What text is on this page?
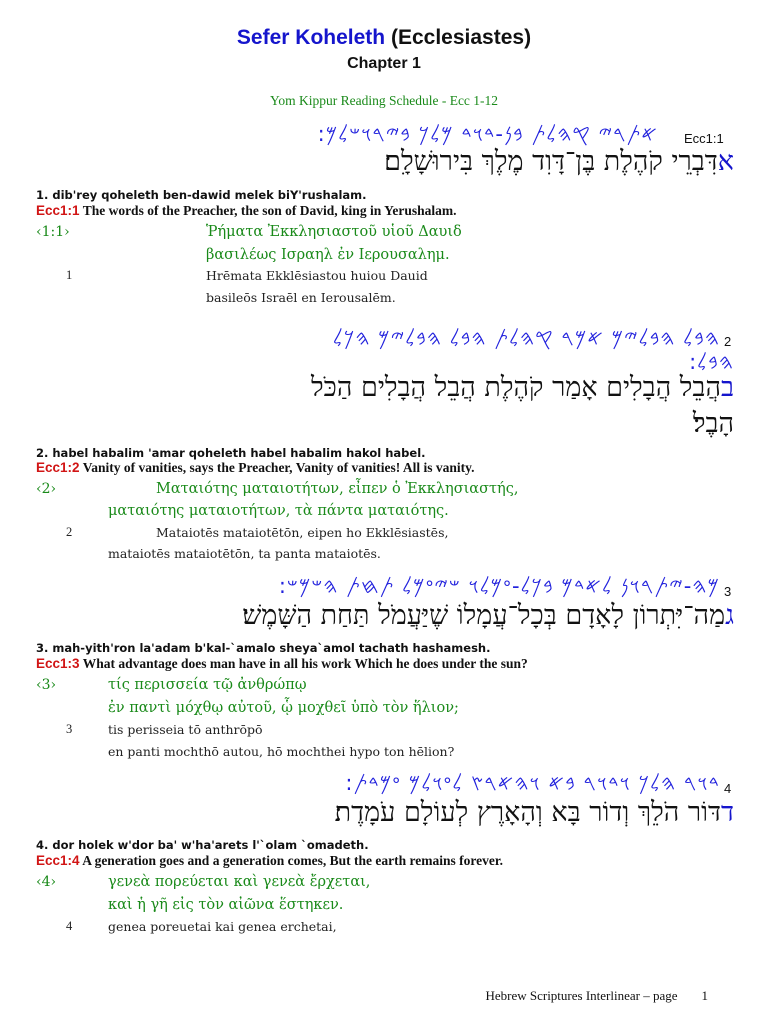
Sefer Koheleth (Ecclesiastes)
Chapter 1
Yom Kippur Reading Schedule - Ecc 1-12
𐤀𐤕𐤓𐤉 𐤒𐤄𐤋𐤕 𐤁𐤍-𐤃𐤅𐤃 𐤌𐤋𐤊 𐤁𐤉𐤓𐤅𐤔𐤋𐤌: Ecc1:1
אדִּבְרֵי קֹהֶלֶת בֶּן־דָּוִד מֶלֶךְ בִּירוּשָׁלִָם׃
1. dib'rey qoheleth ben-dawid melek biY'rushalam.
Ecc1:1 The words of the Preacher, the son of David, king in Yerushalam.
‹1:1›	Ῥήματα Ἐκκλησιαστοῦ υἱοῦ Δαυιδ
βασιλέως Ισραηλ ἐν Ιερουσαλημ.
1	Hrēmata Ekklēsiastou huiou Dauid
basileōs Israēl en Ierousalēm.
𐤄𐤁𐤋 𐤄𐤁𐤋𐤉𐤌 𐤀𐤌𐤓 𐤒𐤄𐤋𐤕 𐤄𐤁𐤋 𐤄𐤁𐤋𐤉𐤌 𐤄𐤊𐤋 2
𐤄𐤁𐤋:
בהֲבֵל הֲבָלִים אָמַר קֹהֶלֶת הֲבֵל הֲבָלִים הַכֹּל
הָבֶל׃
2. habel habalim 'amar qoheleth habel habalim hakol habel.
Ecc1:2 Vanity of vanities, says the Preacher, Vanity of vanities! All is vanity.
‹2›	Ματαιότης ματαιοτήτων, εἶπεν ὁ Ἐκκλησιαστής,
ματαιότης ματαιοτήτων, τὰ πάντα ματαιότης.
2	Mataiotēs mataiotētōn, eipen ho Ekklēsiastēs,
mataiotēs mataiotētōn, ta panta mataiotēs.
𐤌𐤄-𐤉𐤕𐤓𐤅𐤍 𐤋𐤀𐤃𐤌 𐤁𐤊𐤋-𐤏𐤌𐤋𐤅 𐤔𐤉𐤏𐤌𐤋 𐤕𐤇𐤕 𐤄𐤔𐤌𐤔: 3
גמַה־יִּתְרוֹן לָאָדָם בְּכָל־עֲמָלוֹ שֶׁיַּעֲמֹל תַּחַת הַשָּׁמֶשׁ׃
3. mah-yith'ron la'adam b'kal-`amalo sheya`amol tachath hashamesh.
Ecc1:3 What advantage does man have in all his work Which he does under the sun?
‹3›	τίς περισσεία τῷ ἀνθρώπῳ
ἐν παντὶ μόχθῳ αὐτοῦ, ᾧ μοχθεῖ ὑπὸ τὸν ἥλιον;
3	tis perisseia tō anthrōpō
en panti mochthō autou, hō mochthei hypo ton hēlion?
𐤃𐤅𐤓 𐤄𐤋𐤊 𐤅𐤃𐤅𐤓 𐤁𐤀 𐤅𐤄𐤀𐤓𐤑 𐤋𐤏𐤅𐤋𐤌 𐤏𐤌𐤃𐤕: 4
דדּוֹר הֹלֵךְ וְדוֹר בָּא וְהָאָרֶץ לְעוֹלָם עֹמָדֶת׃
4. dor holek w'dor ba' w'ha'arets l'`olam `omadeth.
Ecc1:4 A generation goes and a generation comes, But the earth remains forever.
‹4›	γενεὰ πορεύεται καὶ γενεὰ ἔρχεται,
καὶ ἡ γῆ εἰς τὸν αἰῶνα ἕστηκεν.
4	genea poreuetai kai genea erchetai,
Hebrew Scriptures Interlinear – page 1
